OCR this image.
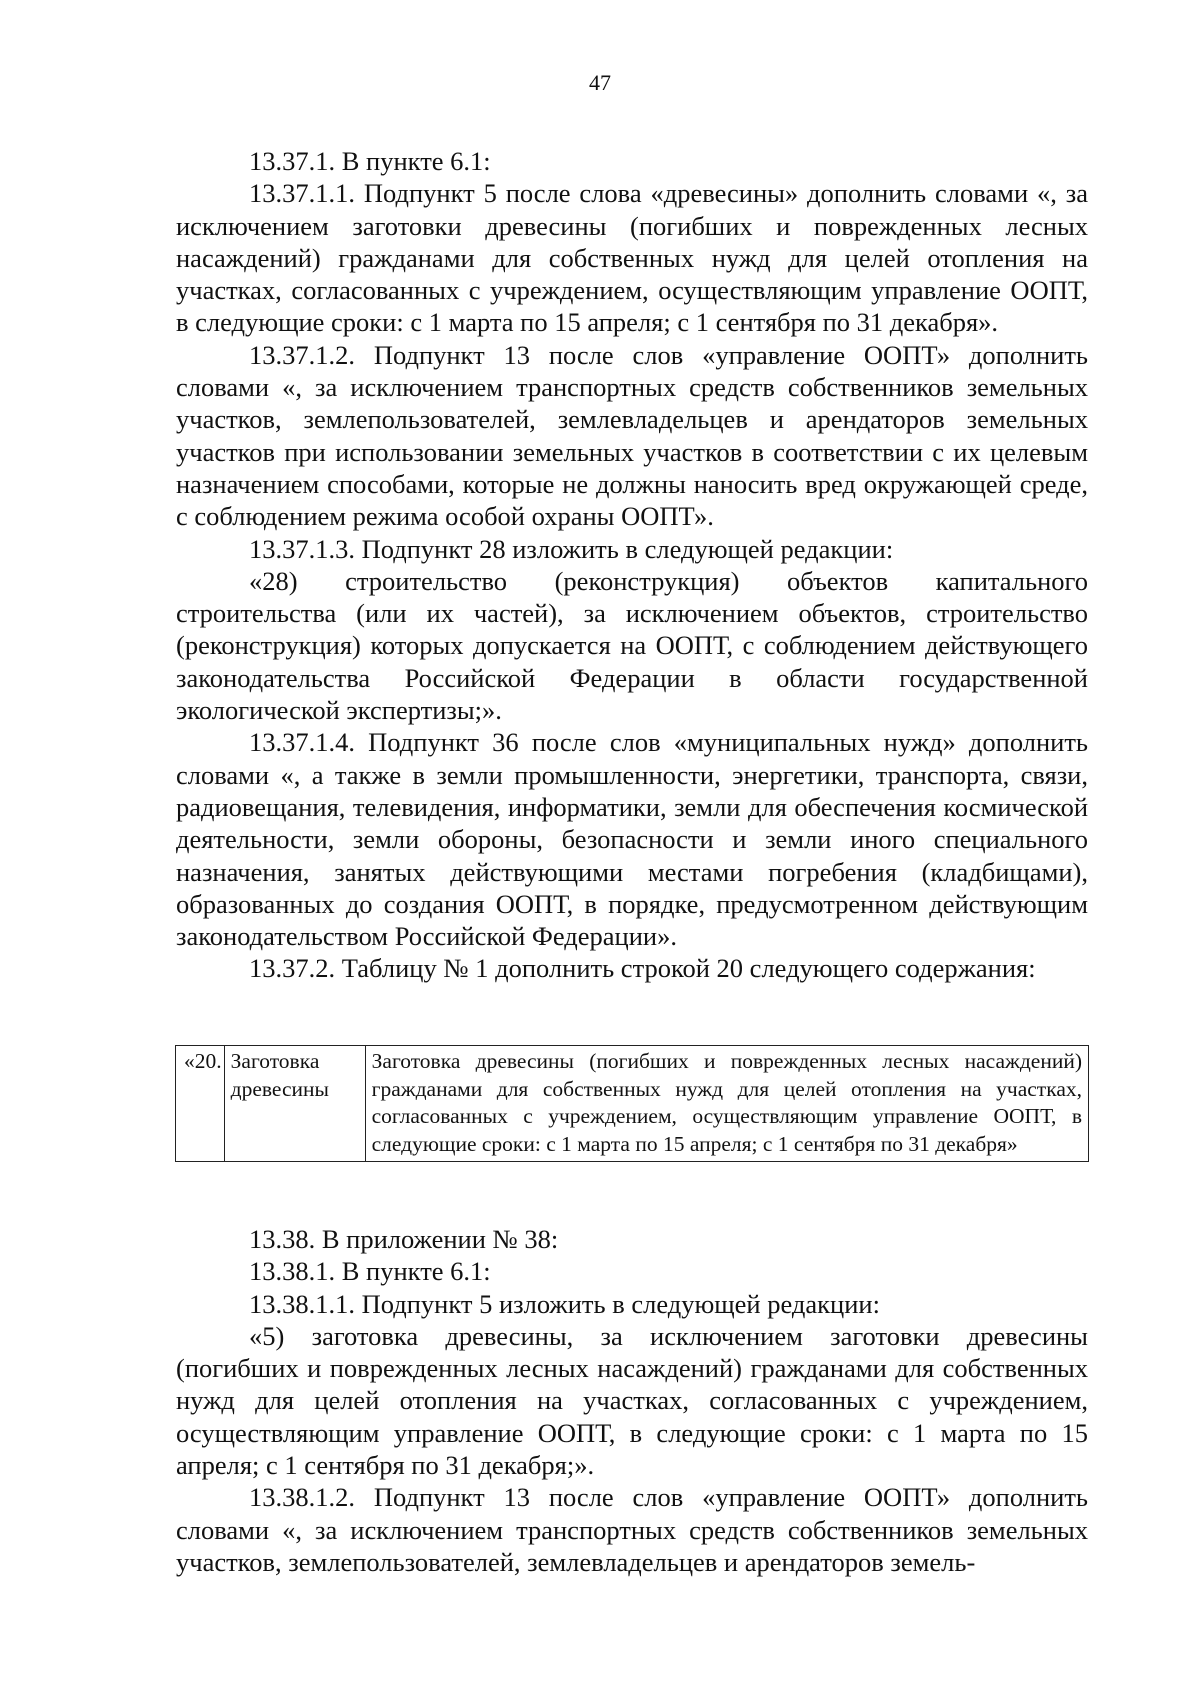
47

13.37.1. В пункте 6.1:

13.37.1.1. Подпункт 5 после слова «древесины» дополнить словами «, за исключением заготовки древесины (погибших и поврежденных лесных насаждений) гражданами для собственных нужд для целей отопления на участках, согласованных с учреждением, осуществляющим управление ООПТ, в следующие сроки: с 1 марта по 15 апреля; с 1 сентября по 31 декабря».

13.37.1.2. Подпункт 13 после слов «управление ООПТ» дополнить словами «, за исключением транспортных средств собственников земельных участков, землепользователей, землевладельцев и арендаторов земельных участков при использовании земельных участков в соответствии с их целевым назначением способами, которые не должны наносить вред окружающей среде, с соблюдением режима особой охраны ООПТ».

13.37.1.3. Подпункт 28 изложить в следующей редакции:

«28) строительство (реконструкция) объектов капитального строительства (или их частей), за исключением объектов, строительство (реконструкция) которых допускается на ООПТ, с соблюдением действующего законодательства Российской Федерации в области государственной экологической экспертизы;».

13.37.1.4. Подпункт 36 после слов «муниципальных нужд» дополнить словами «, а также в земли промышленности, энергетики, транспорта, связи, радиовещания, телевидения, информатики, земли для обеспечения космической деятельности, земли обороны, безопасности и земли иного специального назначения, занятых действующими местами погребения (кладбищами), образованных до создания ООПТ, в порядке, предусмотренном действующим законодательством Российской Федерации».

13.37.2. Таблицу № 1 дополнить строкой 20 следующего содержания:

«20.	Заготовка древесины	Заготовка древесины (погибших и поврежденных лесных насаждений) гражданами для собственных нужд для целей отопления на участках, согласованных с учреждением, осуществляющим управление ООПТ, в следующие сроки: с 1 марта по 15 апреля; с 1 сентября по 31 декабря»

13.38. В приложении № 38:

13.38.1. В пункте 6.1:

13.38.1.1. Подпункт 5 изложить в следующей редакции:

«5) заготовка древесины, за исключением заготовки древесины (погибших и поврежденных лесных насаждений) гражданами для собственных нужд для целей отопления на участках, согласованных с учреждением, осуществляющим управление ООПТ, в следующие сроки: с 1 марта по 15 апреля; с 1 сентября по 31 декабря;».

13.38.1.2. Подпункт 13 после слов «управление ООПТ» дополнить словами «, за исключением транспортных средств собственников земельных участков, землепользователей, землевладельцев и арендаторов земель-
